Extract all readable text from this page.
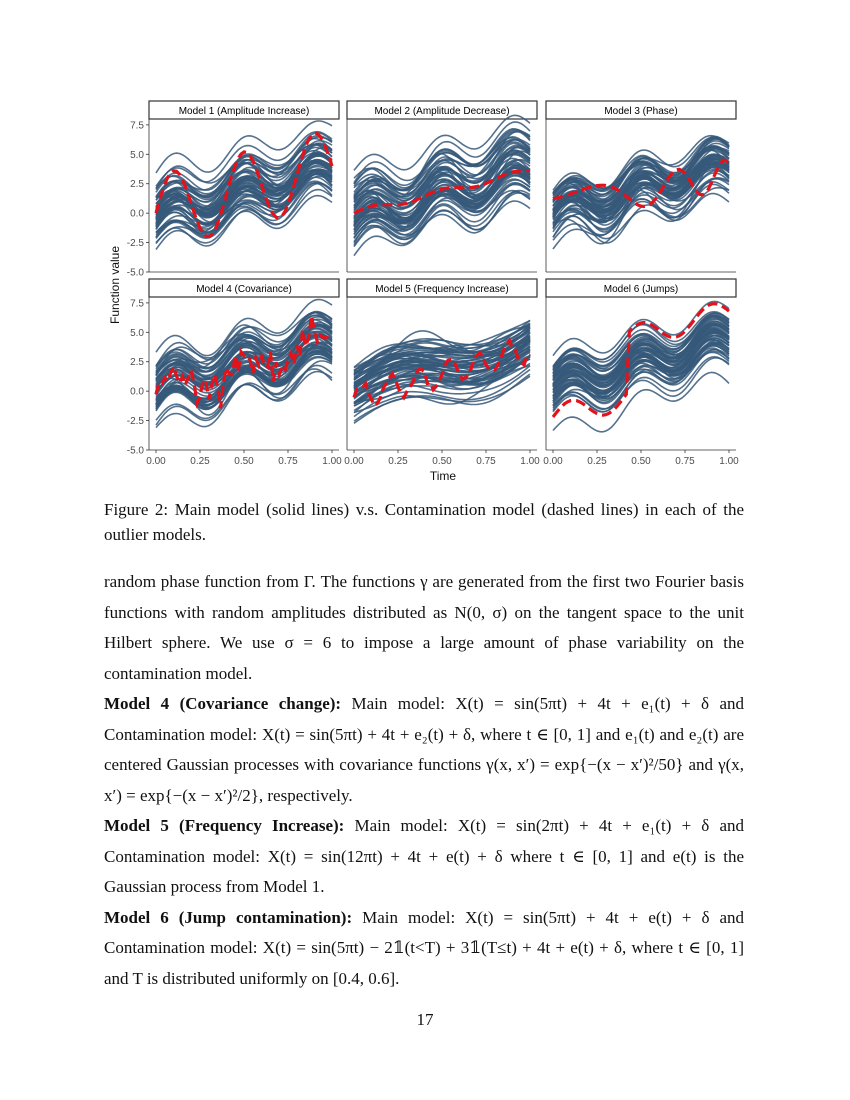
Model 1 (Amplitude Increase)
7.5
5.0
2.5
0.0
-2.5
-5.0
Model 2 (Amplitude Decrease)	Model 3 (Phase)
Model 4 (Covariance)
7.5
5.0
2.5
0.0
-2.5
-5.0
0.00 0.25 0.50 0.75 1.00
Model 5 (Frequency Increase)
0.00 0.25 0.50 0.75 1.00
Model 6 (Jumps)
0.00 0.25 0.50 0.75 1.00
Function value
Time
Figure 2: Main model (solid lines) v.s. Contamination model (dashed lines) in each of the outlier models.

random phase function from Γ. The functions γ are generated from the first two Fourier basis functions with random amplitudes distributed as N(0, σ) on the tangent space to the unit Hilbert sphere. We use σ = 6 to impose a large amount of phase variability on the contamination model.

Model 4 (Covariance change): Main model: X(t) = sin(5πt) + 4t + e₁(t) + δ and Contamination model: X(t) = sin(5πt) + 4t + e₂(t) + δ, where t ∈ [0, 1] and e₁(t) and e₂(t) are centered Gaussian processes with covariance functions γ(x, x′) = exp{−(x − x′)²/50} and γ(x, x′) = exp{−(x − x′)²/2}, respectively.

Model 5 (Frequency Increase): Main model: X(t) = sin(2πt) + 4t + e₁(t) + δ and Contamination model: X(t) = sin(12πt) + 4t + e(t) + δ where t ∈ [0, 1] and e(t) is the Gaussian process from Model 1.

Model 6 (Jump contamination): Main model: X(t) = sin(5πt) + 4t + e(t) + δ and Contamination model: X(t) = sin(5πt) − 2𝟙(t<T) + 3𝟙(T≤t) + 4t + e(t) + δ, where t ∈ [0, 1] and T is distributed uniformly on [0.4, 0.6].

17
